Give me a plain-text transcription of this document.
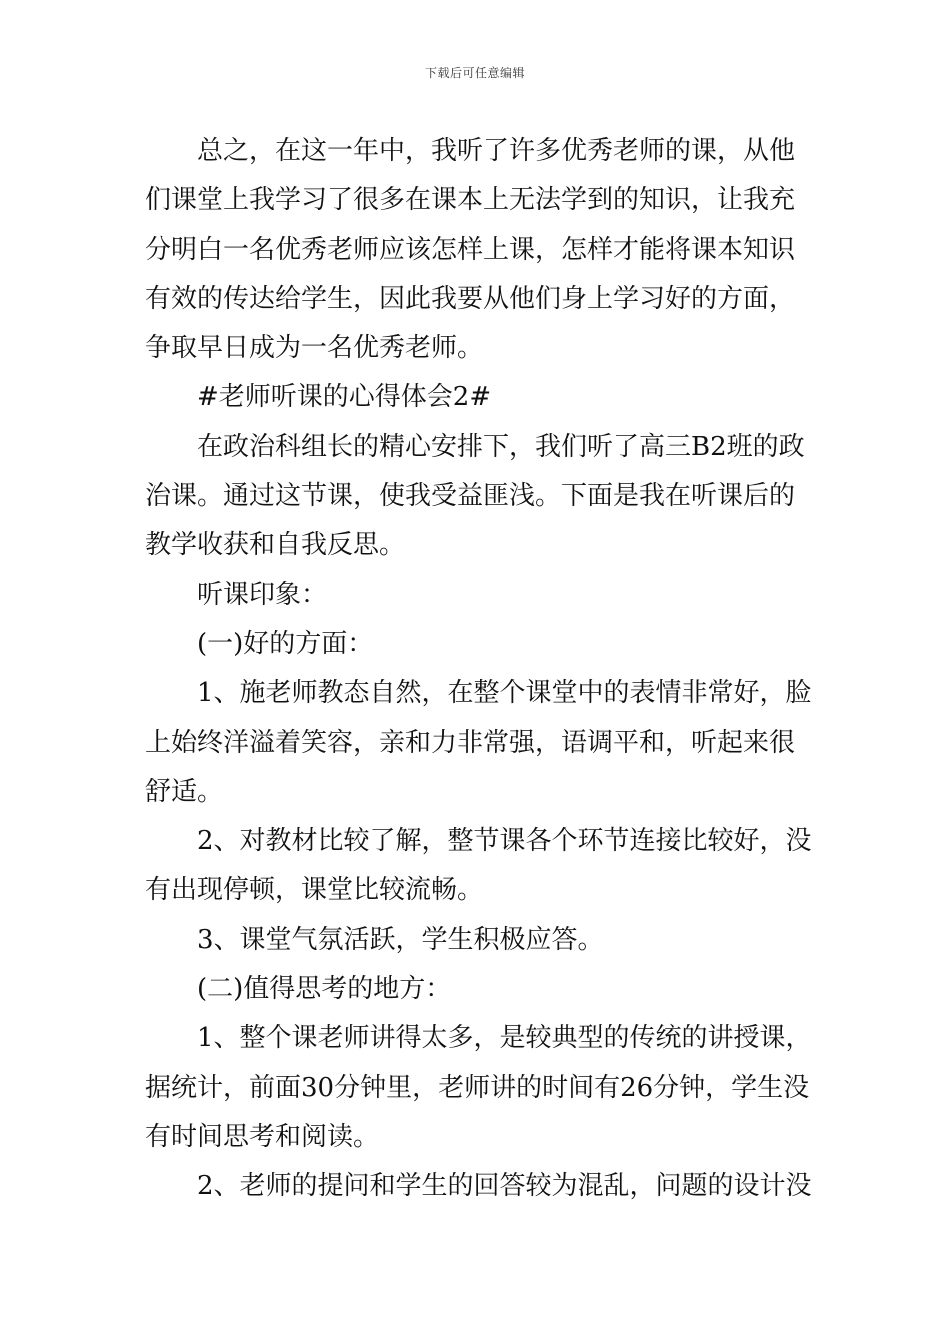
下载后可任意编辑
总之，在这一年中，我听了许多优秀老师的课，从他
们课堂上我学习了很多在课本上无法学到的知识，让我充
分明白一名优秀老师应该怎样上课，怎样才能将课本知识
有效的传达给学生，因此我要从他们身上学习好的方面，
争取早日成为一名优秀老师。
#老师听课的心得体会2#
在政治科组长的精心安排下，我们听了高三B2班的政
治课。通过这节课，使我受益匪浅。下面是我在听课后的
教学收获和自我反思。
听课印象：
(一)好的方面：
1、施老师教态自然，在整个课堂中的表情非常好，脸
上始终洋溢着笑容，亲和力非常强，语调平和，听起来很
舒适。
2、对教材比较了解，整节课各个环节连接比较好，没
有出现停顿，课堂比较流畅。
3、课堂气氛活跃，学生积极应答。
(二)值得思考的地方：
1、整个课老师讲得太多，是较典型的传统的讲授课，
据统计，前面30分钟里，老师讲的时间有26分钟，学生没
有时间思考和阅读。
2、老师的提问和学生的回答较为混乱，问题的设计没
